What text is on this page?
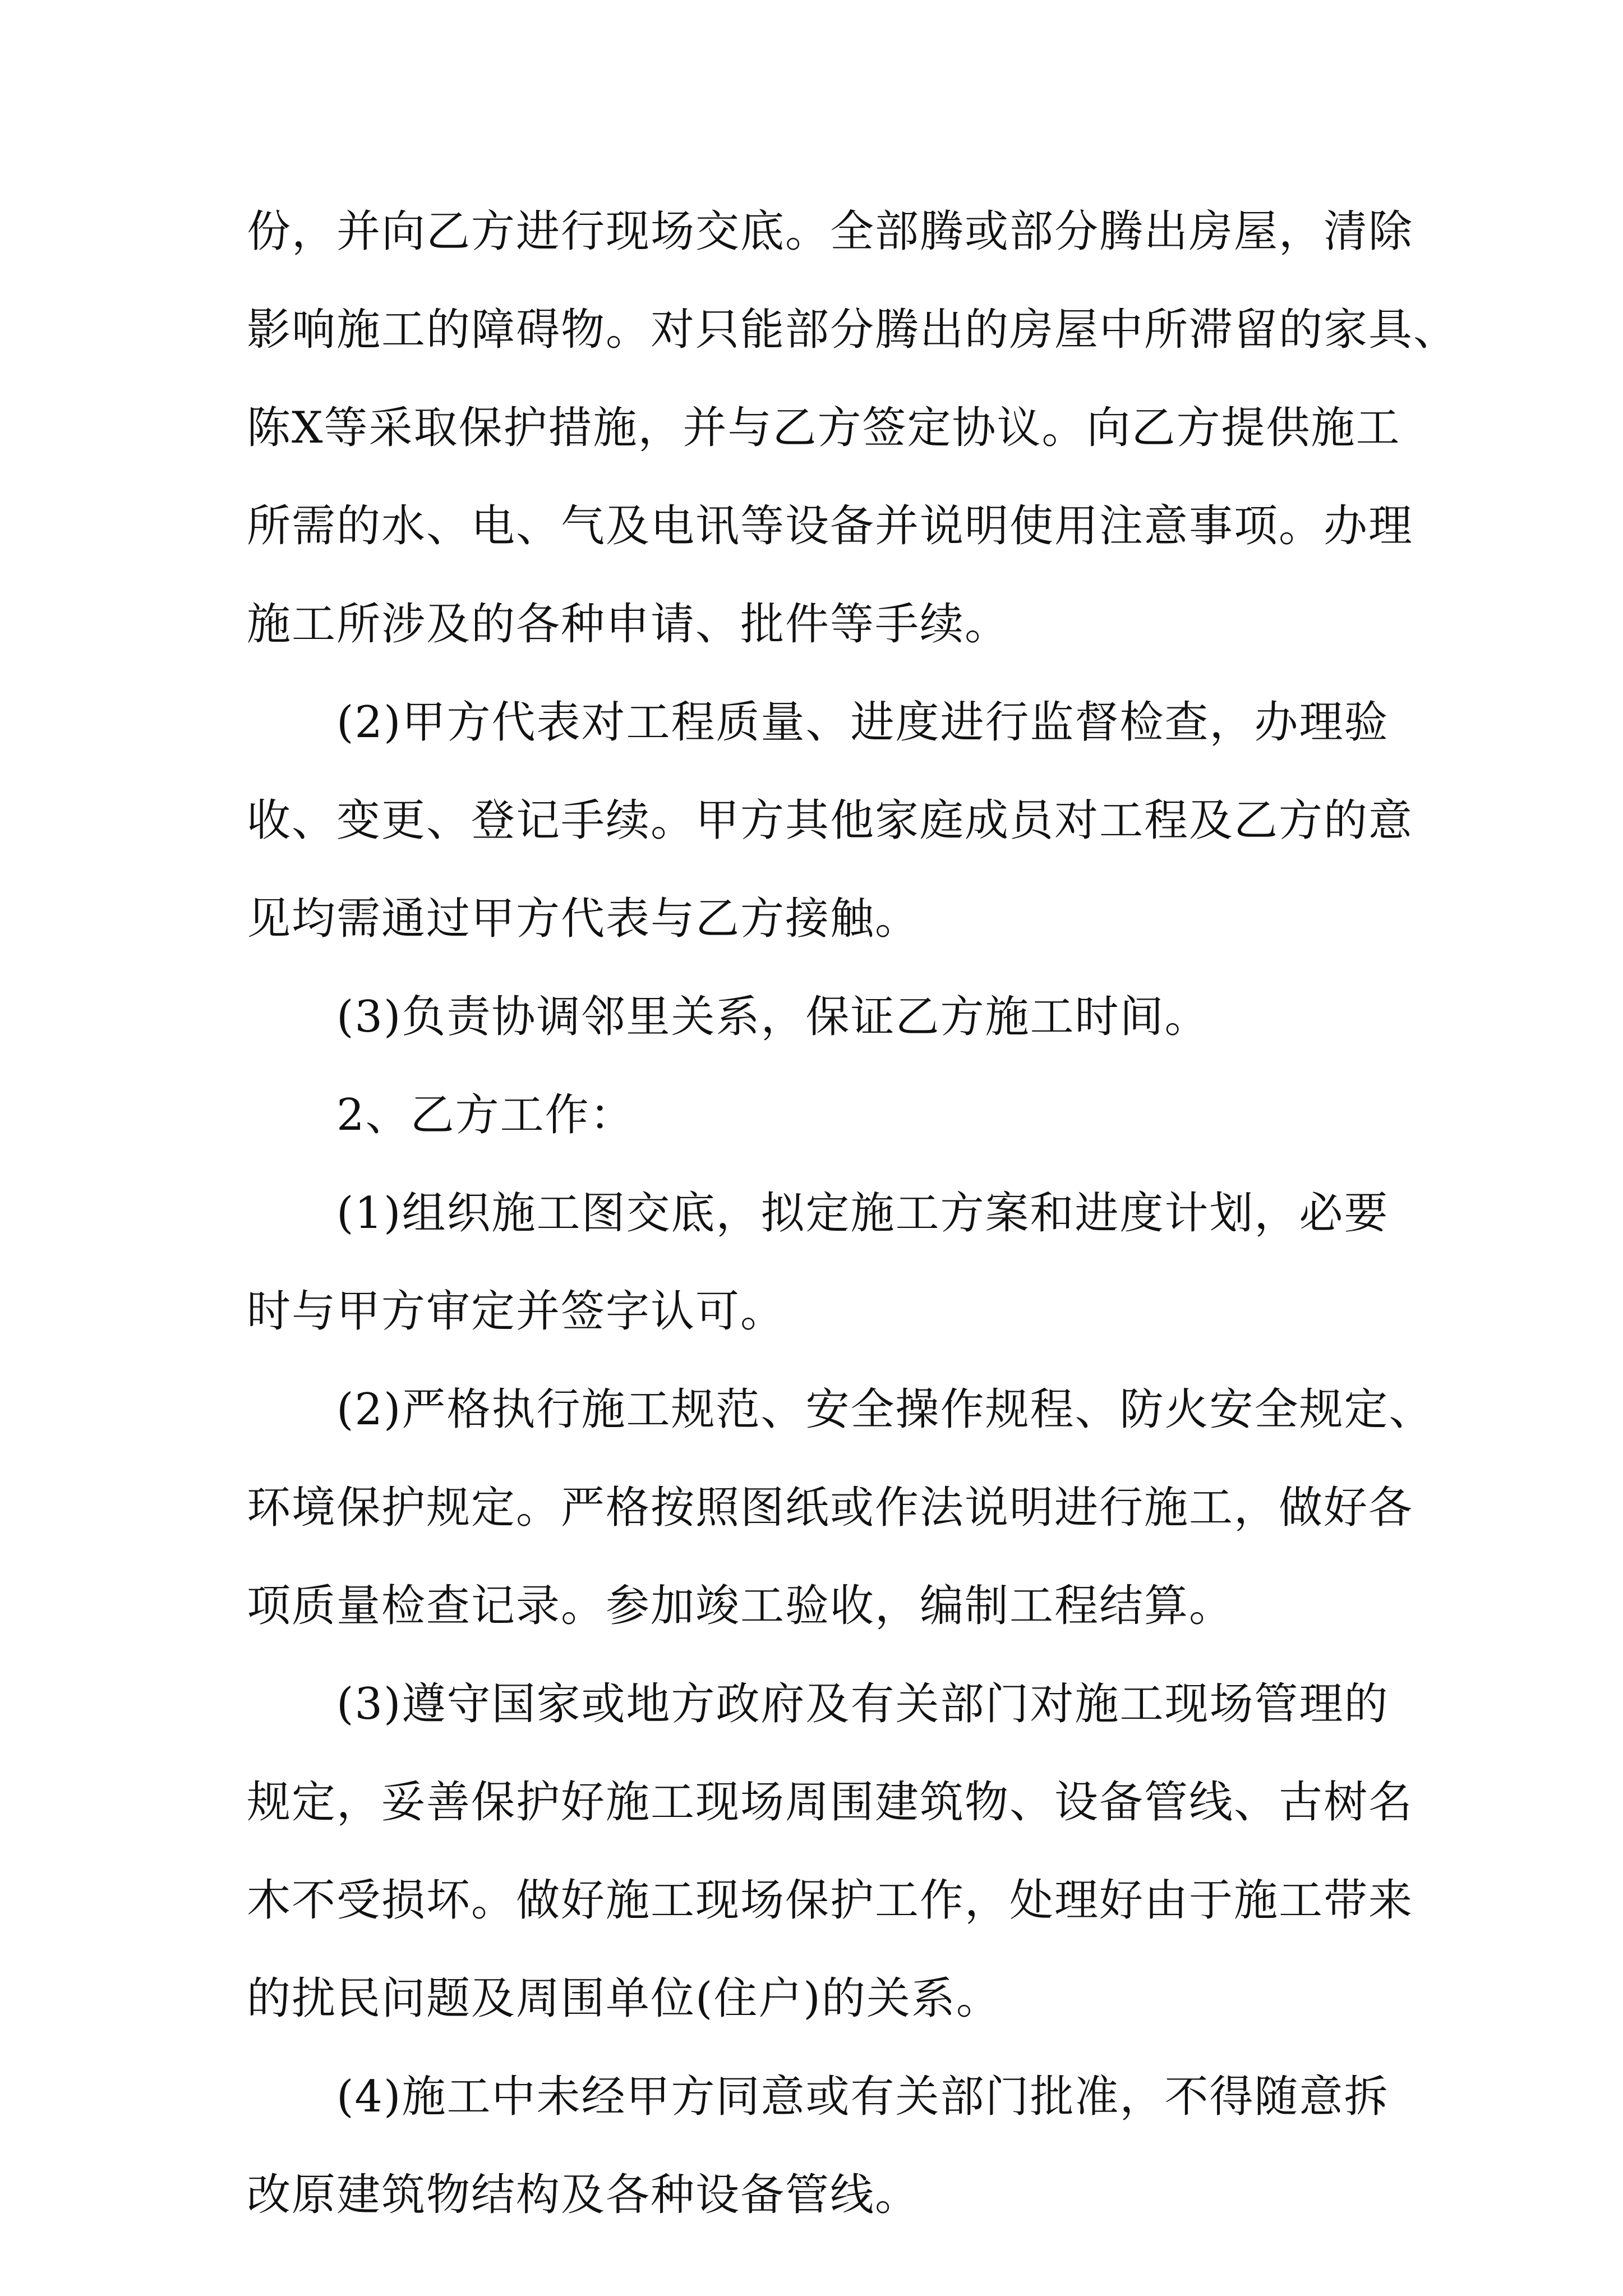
份，并向乙方进行现场交底。全部腾或部分腾出房屋，清除

影响施工的障碍物。对只能部分腾出的房屋中所滞留的家具、

陈X等采取保护措施，并与乙方签定协议。向乙方提供施工

所需的水、电、气及电讯等设备并说明使用注意事项。办理

施工所涉及的各种申请、批件等手续。

(2)甲方代表对工程质量、进度进行监督检查，办理验

收、变更、登记手续。甲方其他家庭成员对工程及乙方的意

见均需通过甲方代表与乙方接触。

(3)负责协调邻里关系，保证乙方施工时间。

2、乙方工作：

(1)组织施工图交底，拟定施工方案和进度计划，必要

时与甲方审定并签字认可。

(2)严格执行施工规范、安全操作规程、防火安全规定、

环境保护规定。严格按照图纸或作法说明进行施工，做好各

项质量检查记录。参加竣工验收，编制工程结算。

(3)遵守国家或地方政府及有关部门对施工现场管理的

规定，妥善保护好施工现场周围建筑物、设备管线、古树名

木不受损坏。做好施工现场保护工作，处理好由于施工带来

的扰民问题及周围单位(住户)的关系。

(4)施工中未经甲方同意或有关部门批准，不得随意拆

改原建筑物结构及各种设备管线。
